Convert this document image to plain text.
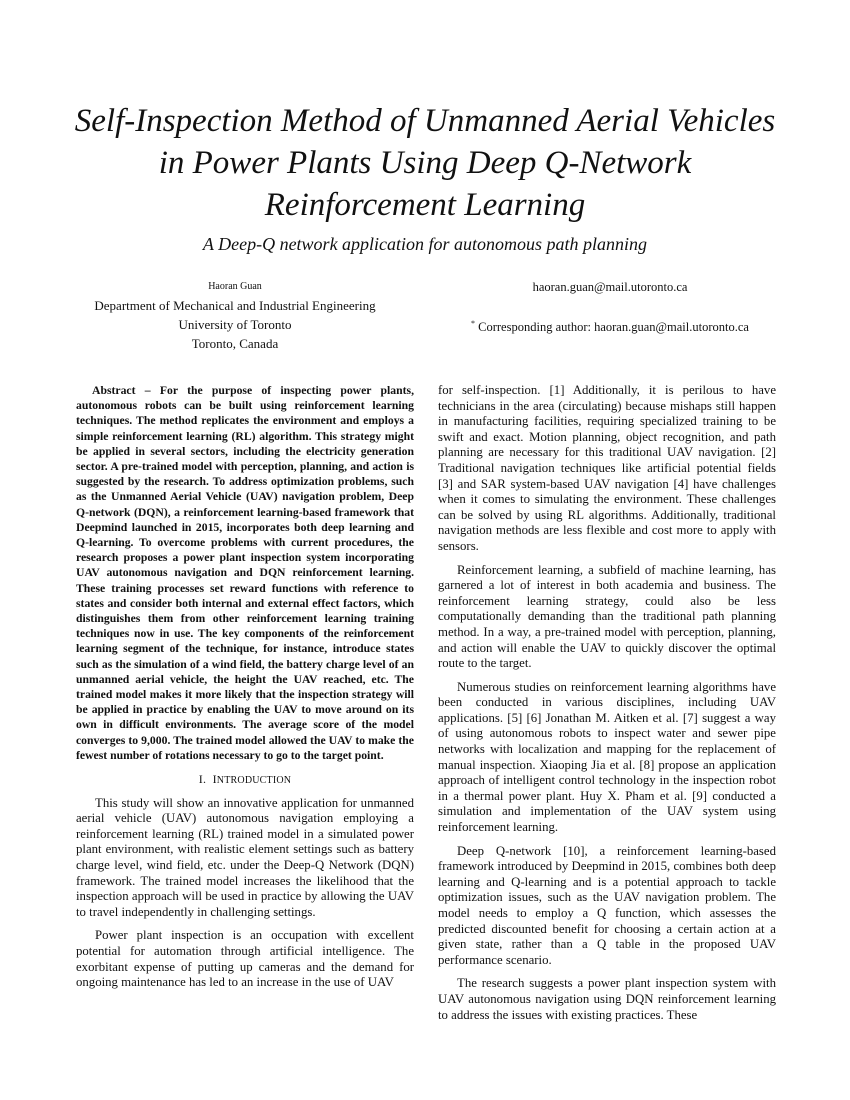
Self-Inspection Method of Unmanned Aerial Vehicles in Power Plants Using Deep Q-Network Reinforcement Learning
A Deep-Q network application for autonomous path planning
Haoran Guan
Department of Mechanical and Industrial Engineering
University of Toronto
Toronto, Canada
haoran.guan@mail.utoronto.ca
* Corresponding author: haoran.guan@mail.utoronto.ca

Abstract – For the purpose of inspecting power plants, autonomous robots can be built using reinforcement learning techniques. The method replicates the environment and employs a simple reinforcement learning (RL) algorithm. This strategy might be applied in several sectors, including the electricity generation sector. A pre-trained model with perception, planning, and action is suggested by the research. To address optimization problems, such as the Unmanned Aerial Vehicle (UAV) navigation problem, Deep Q-network (DQN), a reinforcement learning-based framework that Deepmind launched in 2015, incorporates both deep learning and Q-learning. To overcome problems with current procedures, the research proposes a power plant inspection system incorporating UAV autonomous navigation and DQN reinforcement learning. These training processes set reward functions with reference to states and consider both internal and external effect factors, which distinguishes them from other reinforcement learning training techniques now in use. The key components of the reinforcement learning segment of the technique, for instance, introduce states such as the simulation of a wind field, the battery charge level of an unmanned aerial vehicle, the height the UAV reached, etc. The trained model makes it more likely that the inspection strategy will be applied in practice by enabling the UAV to move around on its own in difficult environments. The average score of the model converges to 9,000. The trained model allowed the UAV to make the fewest number of rotations necessary to go to the target point.

I. INTRODUCTION

This study will show an innovative application for unmanned aerial vehicle (UAV) autonomous navigation employing a reinforcement learning (RL) trained model in a simulated power plant environment, with realistic element settings such as battery charge level, wind field, etc. under the Deep-Q Network (DQN) framework. The trained model increases the likelihood that the inspection approach will be used in practice by allowing the UAV to travel independently in challenging settings.

Power plant inspection is an occupation with excellent potential for automation through artificial intelligence. The exorbitant expense of putting up cameras and the demand for ongoing maintenance has led to an increase in the use of UAV

for self-inspection. [1] Additionally, it is perilous to have technicians in the area (circulating) because mishaps still happen in manufacturing facilities, requiring specialized training to be swift and exact. Motion planning, object recognition, and path planning are necessary for this traditional UAV navigation. [2] Traditional navigation techniques like artificial potential fields [3] and SAR system-based UAV navigation [4] have challenges when it comes to simulating the environment. These challenges can be solved by using RL algorithms. Additionally, traditional navigation methods are less flexible and cost more to apply with sensors.

Reinforcement learning, a subfield of machine learning, has garnered a lot of interest in both academia and business. The reinforcement learning strategy, could also be less computationally demanding than the traditional path planning method. In a way, a pre-trained model with perception, planning, and action will enable the UAV to quickly discover the optimal route to the target.

Numerous studies on reinforcement learning algorithms have been conducted in various disciplines, including UAV applications. [5] [6] Jonathan M. Aitken et al. [7] suggest a way of using autonomous robots to inspect water and sewer pipe networks with localization and mapping for the replacement of manual inspection. Xiaoping Jia et al. [8] propose an application approach of intelligent control technology in the inspection robot in a thermal power plant. Huy X. Pham et al. [9] conducted a simulation and implementation of the UAV system using reinforcement learning.

Deep Q-network [10], a reinforcement learning-based framework introduced by Deepmind in 2015, combines both deep learning and Q-learning and is a potential approach to tackle optimization issues, such as the UAV navigation problem. The model needs to employ a Q function, which assesses the predicted discounted benefit for choosing a certain action at a given state, rather than a Q table in the proposed UAV performance scenario.

The research suggests a power plant inspection system with UAV autonomous navigation using DQN reinforcement learning to address the issues with existing practices. These
